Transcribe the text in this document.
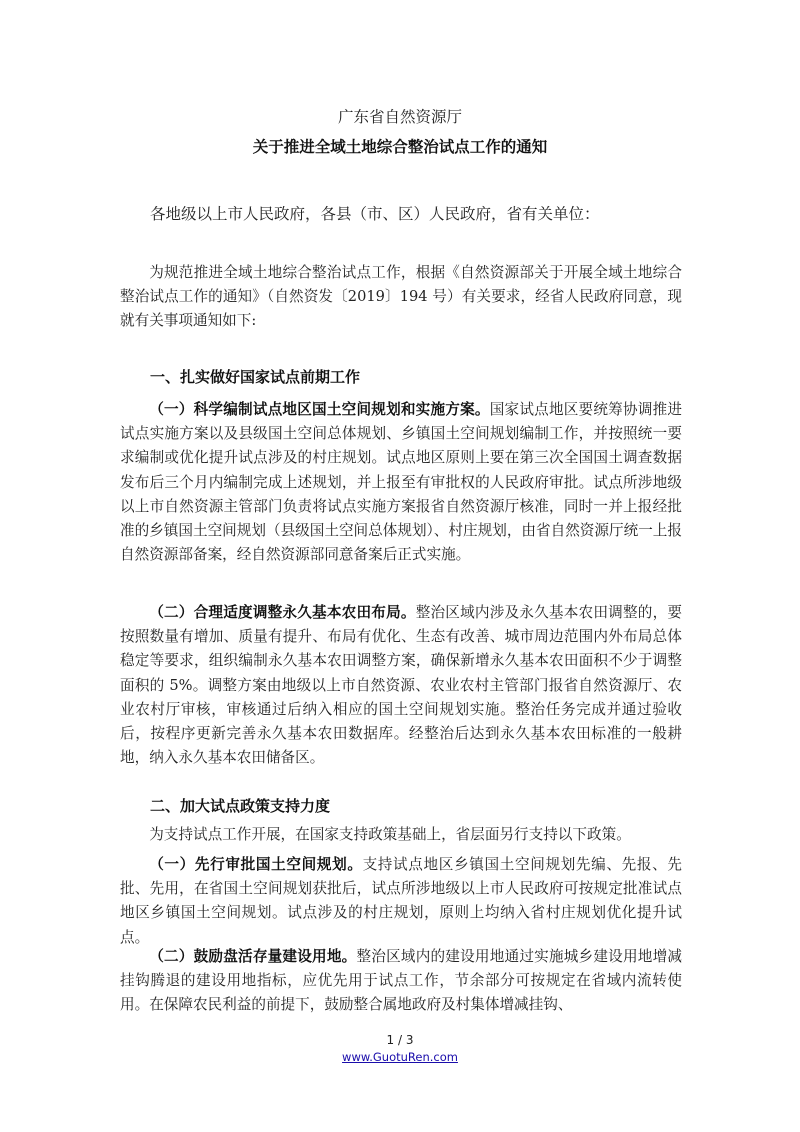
广东省自然资源厅
关于推进全域土地综合整治试点工作的通知
各地级以上市人民政府，各县（市、区）人民政府，省有关单位：

为规范推进全域土地综合整治试点工作，根据《自然资源部关于开展全域土地综合整治试点工作的通知》（自然资发〔2019〕194 号）有关要求，经省人民政府同意，现就有关事项通知如下:

一、扎实做好国家试点前期工作

（一）科学编制试点地区国土空间规划和实施方案。国家试点地区要统筹协调推进试点实施方案以及县级国土空间总体规划、乡镇国土空间规划编制工作，并按照统一要求编制或优化提升试点涉及的村庄规划。试点地区原则上要在第三次全国国土调查数据发布后三个月内编制完成上述规划，并上报至有审批权的人民政府审批。试点所涉地级以上市自然资源主管部门负责将试点实施方案报省自然资源厅核准，同时一并上报经批准的乡镇国土空间规划（县级国土空间总体规划）、村庄规划，由省自然资源厅统一上报自然资源部备案，经自然资源部同意备案后正式实施。

（二）合理适度调整永久基本农田布局。整治区域内涉及永久基本农田调整的，要按照数量有增加、质量有提升、布局有优化、生态有改善、城市周边范围内外布局总体稳定等要求，组织编制永久基本农田调整方案，确保新增永久基本农田面积不少于调整面积的 5%。调整方案由地级以上市自然资源、农业农村主管部门报省自然资源厅、农业农村厅审核，审核通过后纳入相应的国土空间规划实施。整治任务完成并通过验收后，按程序更新完善永久基本农田数据库。经整治后达到永久基本农田标准的一般耕地，纳入永久基本农田储备区。

二、加大试点政策支持力度

为支持试点工作开展，在国家支持政策基础上，省层面另行支持以下政策。

（一）先行审批国土空间规划。支持试点地区乡镇国土空间规划先编、先报、先批、先用，在省国土空间规划获批后，试点所涉地级以上市人民政府可按规定批准试点地区乡镇国土空间规划。试点涉及的村庄规划，原则上均纳入省村庄规划优化提升试点。

（二）鼓励盘活存量建设用地。整治区域内的建设用地通过实施城乡建设用地增减挂钩腾退的建设用地指标，应优先用于试点工作，节余部分可按规定在省域内流转使用。在保障农民利益的前提下，鼓励整合属地政府及村集体增减挂钩、

1 / 3
www.GuotuRen.com
